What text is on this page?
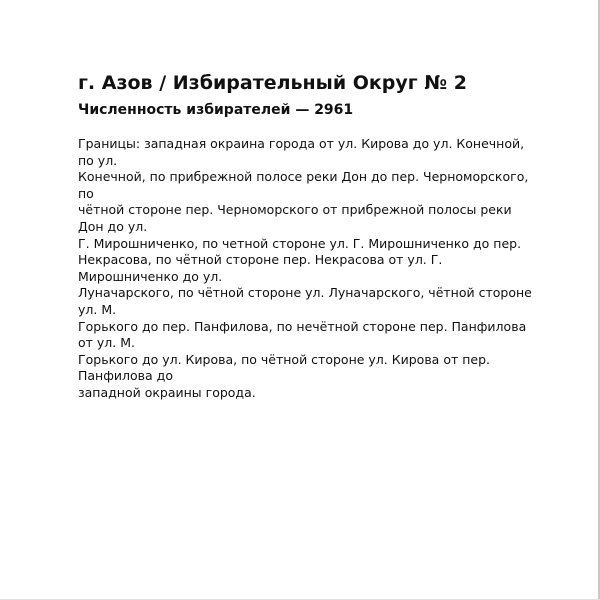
г. Азов / Избирательный Округ № 2
Численность избирателей — 2961
Границы: западная окраина города от ул. Кирова до ул. Конечной,
по ул.
Конечной, по прибрежной полосе реки Дон до пер. Черноморского,
по
чётной стороне пер. Черноморского от прибрежной полосы реки
Дон до ул.
Г. Мирошниченко, по четной стороне ул. Г. Мирошниченко до пер.
Некрасова, по чётной стороне пер. Некрасова от ул. Г.
Мирошниченко до ул.
Луначарского, по чётной стороне ул. Луначарского, чётной стороне
ул. М.
Горького до пер. Панфилова, по нечётной стороне пер. Панфилова
от ул. М.
Горького до ул. Кирова, по чётной стороне ул. Кирова от пер.
Панфилова до
западной окраины города.
